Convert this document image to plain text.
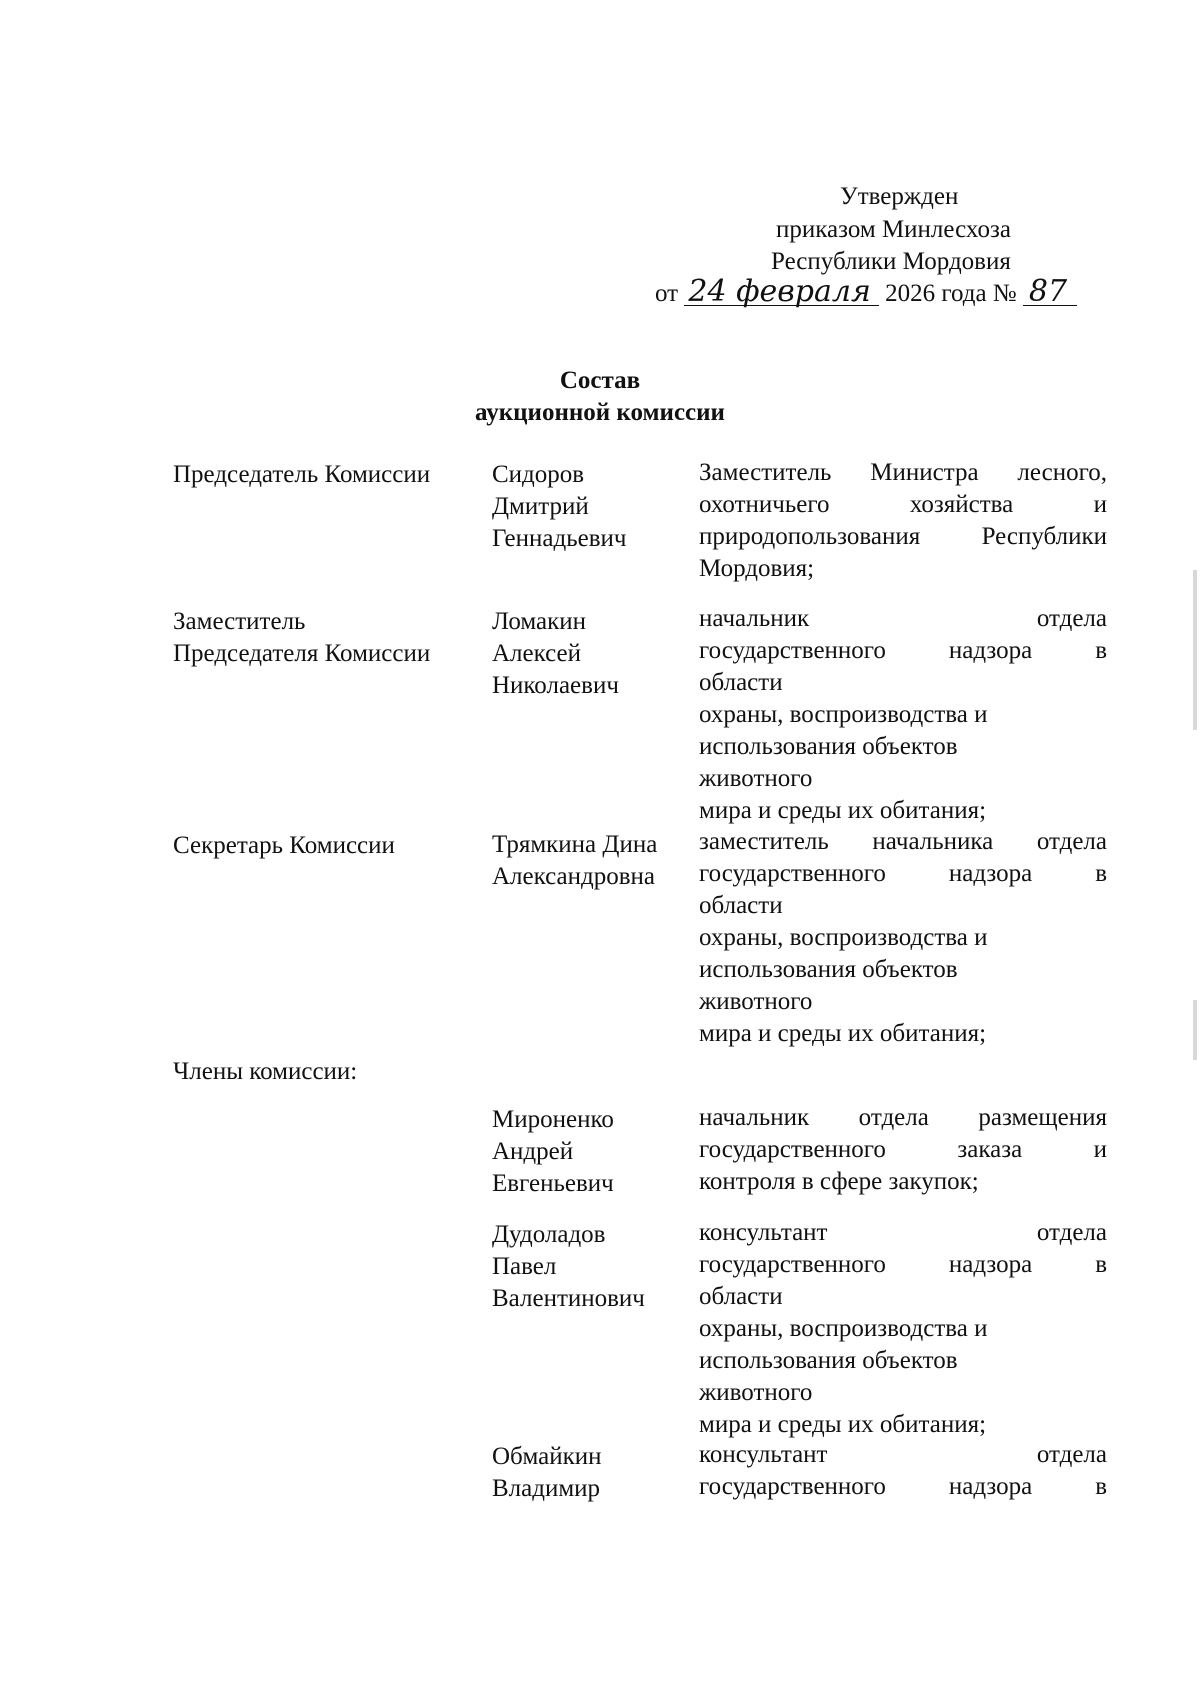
Утвержден
приказом Минлесхоза
Республики Мордовия
от 24 февраля 2026 года № 87
Состав
аукционной комиссии
Председатель Комиссии	Сидоров
Дмитрий
Геннадьевич
Заместитель Министра лесного,
охотничьего хозяйства и
природопользования Республики
Мордовия;
Заместитель
Председателя Комиссии
Ломакин
Алексей
Николаевич
начальник отдела
государственного надзора в
области
охраны, воспроизводства и
использования объектов
животного
мира и среды их обитания;
Секретарь Комиссии	Трямкина Дина
Александровна
заместитель начальника отдела
государственного надзора в
области
охраны, воспроизводства и
использования объектов
животного
мира и среды их обитания;
Члены комиссии:
Мироненко
Андрей
Евгеньевич
начальник отдела размещения
государственного заказа и
контроля в сфере закупок;
Дудоладов
Павел
Валентинович
консультант отдела
государственного надзора в
области
охраны, воспроизводства и
использования объектов
животного
мира и среды их обитания;
Обмайкин
Владимир
консультант отдела
государственного надзора в
